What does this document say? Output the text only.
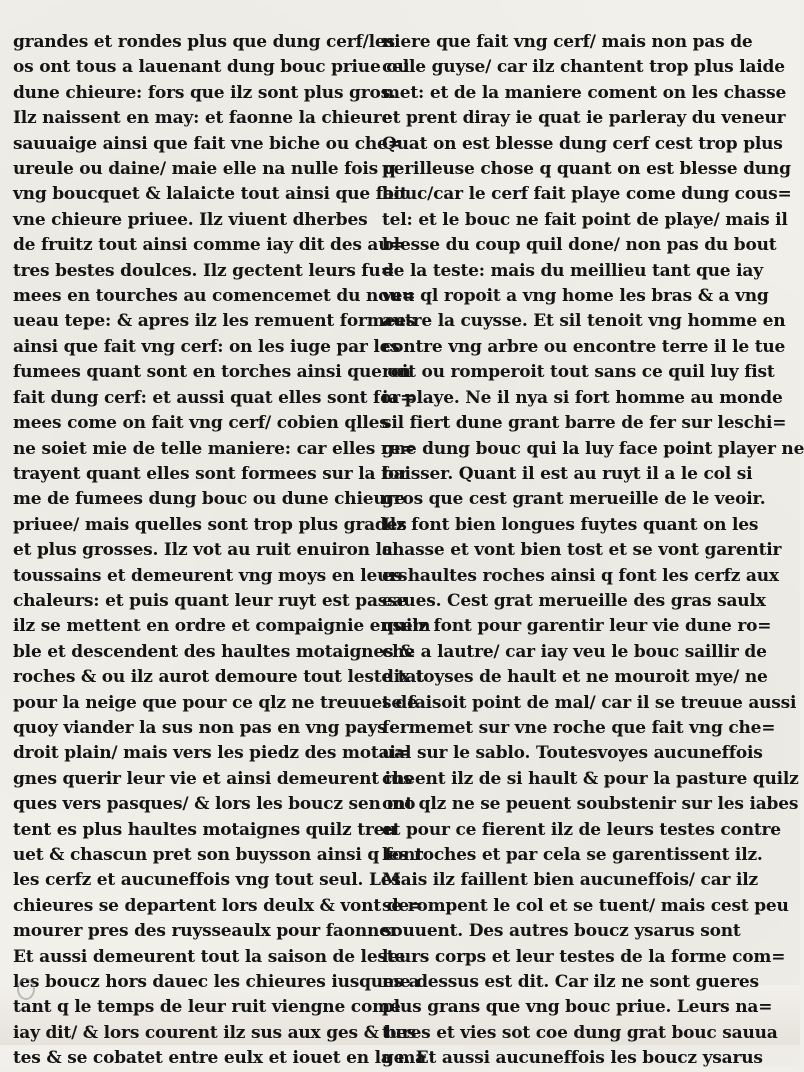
grandes et rondes plus que dung cerf/les
os ont tous a lauenant dung bouc priue ou
dune chieure: fors que ilz sont plus gros.
Ilz naissent en may: et faonne la chieure
sauuaige ainsi que fait vne biche ou che=
ureule ou daine/ maie elle na nulle fois q
vng boucquet & lalaicte tout ainsi que fait
vne chieure priuee. Ilz viuent dherbes
de fruitz tout ainsi comme iay dit des au=
tres bestes doulces. Ilz gectent leurs fu=
mees en tourches au comencemet du nou=
ueau tepe: & apres ilz les remuent formees
ainsi que fait vng cerf: on les iuge par les
fumees quant sont en torches ainsi que on
fait dung cerf: et aussi quat elles sont for=
mees come on fait vng cerf/ cobien qlles
ne soiet mie de telle maniere: car elles re=
trayent quant elles sont formees sur la for
me de fumees dung bouc ou dune chieure
priuee/ mais quelles sont trop plus grades
et plus grosses. Ilz vot au ruit enuiron la
toussains et demeurent vng moys en leurs
chaleurs: et puis quant leur ruyt est passe
ilz se mettent en ordre et compaignie ensem
ble et descendent des haultes motaignes &
roches & ou ilz aurot demoure tout leste tat
pour la neige que pour ce qlz ne treuuet de
quoy viander la sus non pas en vng pays
droit plain/ mais vers les piedz des motai=
gnes querir leur vie et ainsi demeurent ius
ques vers pasques/ & lors les boucz sen mo
tent es plus haultes motaignes quilz treu
uet & chascun pret son buysson ainsi q font
les cerfz et aucuneffois vng tout seul. Les
chieures se departent lors deulx & vont de=
mourer pres des ruysseaulx pour faonner
Et aussi demeurent tout la saison de leste
les boucz hors dauec les chieures iusques a
tant q le temps de leur ruit viengne come
iay dit/ & lors courent ilz sus aux ges & bes
tes & se cobatet entre eulx et iouet en la ma
niere que fait vng cerf/ mais non pas de
celle guyse/ car ilz chantent trop plus laide
met: et de la maniere coment on les chasse
et prent diray ie quat ie parleray du veneur
Quat on est blesse dung cerf cest trop plus
perilleuse chose q quant on est blesse dung
bouc/car le cerf fait playe come dung cous=
tel: et le bouc ne fait point de playe/ mais il
blesse du coup quil done/ non pas du bout
de la teste: mais du meillieu tant que iay
veu ql ropoit a vng home les bras & a vng
autre la cuysse. Et sil tenoit vng homme en
contre vng arbre ou encontre terre il le tue
roit ou romperoit tout sans ce quil luy fist
ia playe. Ne il nya si fort homme au monde
sil fiert dune grant barre de fer sur leschi=
gne dung bouc qui la luy face point player ne
baisser. Quant il est au ruyt il a le col si
gros que cest grant merueille de le veoir.
Ilz font bien longues fuytes quant on les
chasse et vont bien tost et se vont garentir
es haultes roches ainsi q font les cerfz aux
eaues. Cest grat merueille des gras saulx
quilz font pour garentir leur vie dune ro=
che a lautre/ car iay veu le bouc saillir de
dix toyses de hault et ne mouroit mye/ ne
se faisoit point de mal/ car il se treuue aussi
fermemet sur vne roche que fait vng che=
ual sur le sablo. Toutesvoyes aucuneffois
cheent ilz de si hault & pour la pasture quilz
ont qlz ne se peuent soubstenir sur les iabes
et pour ce fierent ilz de leurs testes contre
les roches et par cela se garentissent ilz.
Mais ilz faillent bien aucuneffois/ car ilz
se rompent le col et se tuent/ mais cest peu
souuent. Des autres boucz ysarus sont
leurs corps et leur testes de la forme com=
me dessus est dit. Car ilz ne sont gueres
plus grans que vng bouc priue. Leurs na=
tures et vies sot coe dung grat bouc sauua
ge. Et aussi aucuneffois les boucz ysarus
